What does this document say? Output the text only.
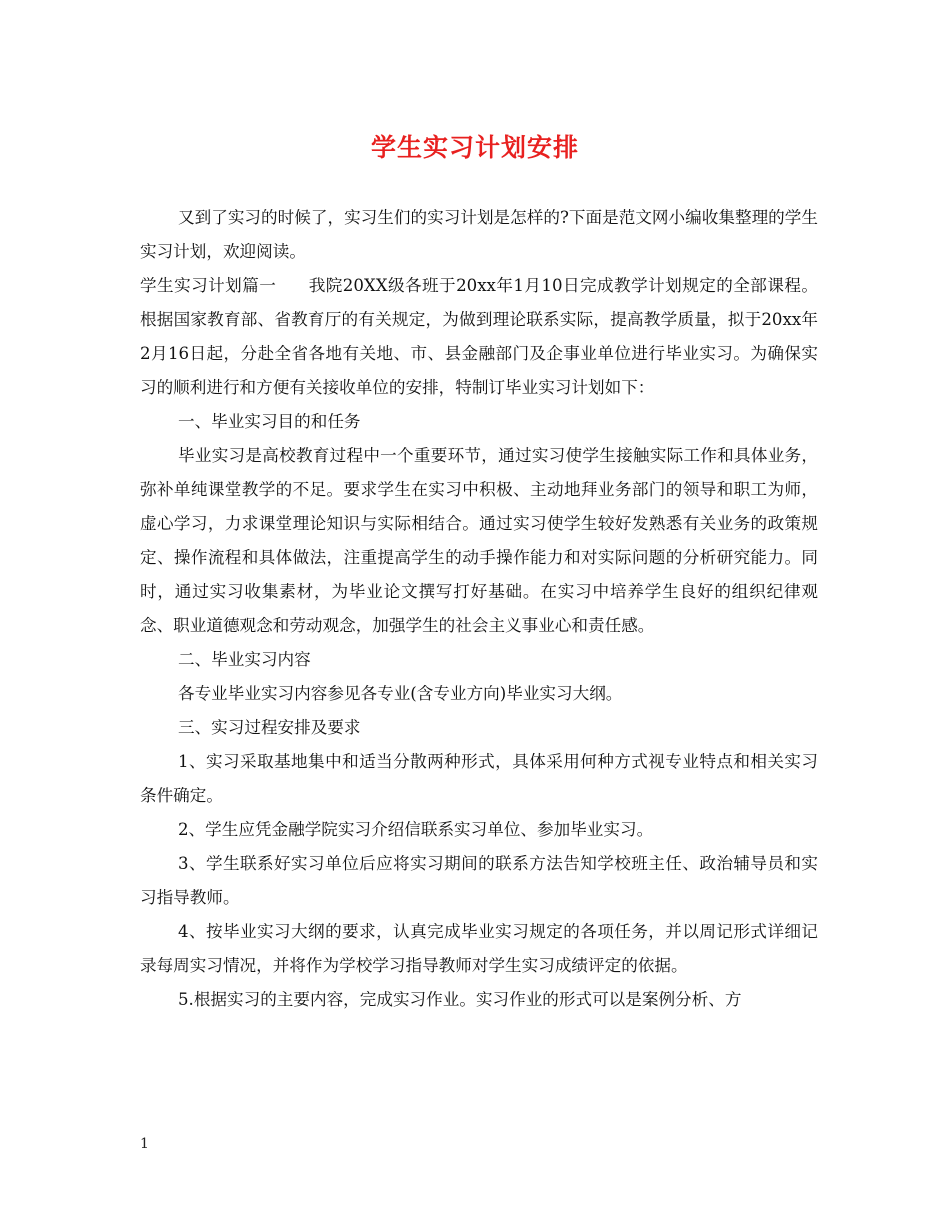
学生实习计划安排

又到了实习的时候了，实习生们的实习计划是怎样的?下面是范文网小编收集整理的学生实习计划，欢迎阅读。

学生实习计划篇一 我院20XX级各班于20xx年1月10日完成教学计划规定的全部课程。根据国家教育部、省教育厅的有关规定，为做到理论联系实际，提高教学质量，拟于20xx年2月16日起，分赴全省各地有关地、市、县金融部门及企事业单位进行毕业实习。为确保实习的顺利进行和方便有关接收单位的安排，特制订毕业实习计划如下：

一、毕业实习目的和任务

毕业实习是高校教育过程中一个重要环节，通过实习使学生接触实际工作和具体业务，弥补单纯课堂教学的不足。要求学生在实习中积极、主动地拜业务部门的领导和职工为师，虚心学习，力求课堂理论知识与实际相结合。通过实习使学生较好发熟悉有关业务的政策规定、操作流程和具体做法，注重提高学生的动手操作能力和对实际问题的分析研究能力。同时，通过实习收集素材，为毕业论文撰写打好基础。在实习中培养学生良好的组织纪律观念、职业道德观念和劳动观念，加强学生的社会主义事业心和责任感。

二、毕业实习内容

各专业毕业实习内容参见各专业(含专业方向)毕业实习大纲。

三、实习过程安排及要求

1、实习采取基地集中和适当分散两种形式，具体采用何种方式视专业特点和相关实习条件确定。

2、学生应凭金融学院实习介绍信联系实习单位、参加毕业实习。

3、学生联系好实习单位后应将实习期间的联系方法告知学校班主任、政治辅导员和实习指导教师。

4、按毕业实习大纲的要求，认真完成毕业实习规定的各项任务，并以周记形式详细记录每周实习情况，并将作为学校学习指导教师对学生实习成绩评定的依据。

5.根据实习的主要内容，完成实习作业。实习作业的形式可以是案例分析、方

1
